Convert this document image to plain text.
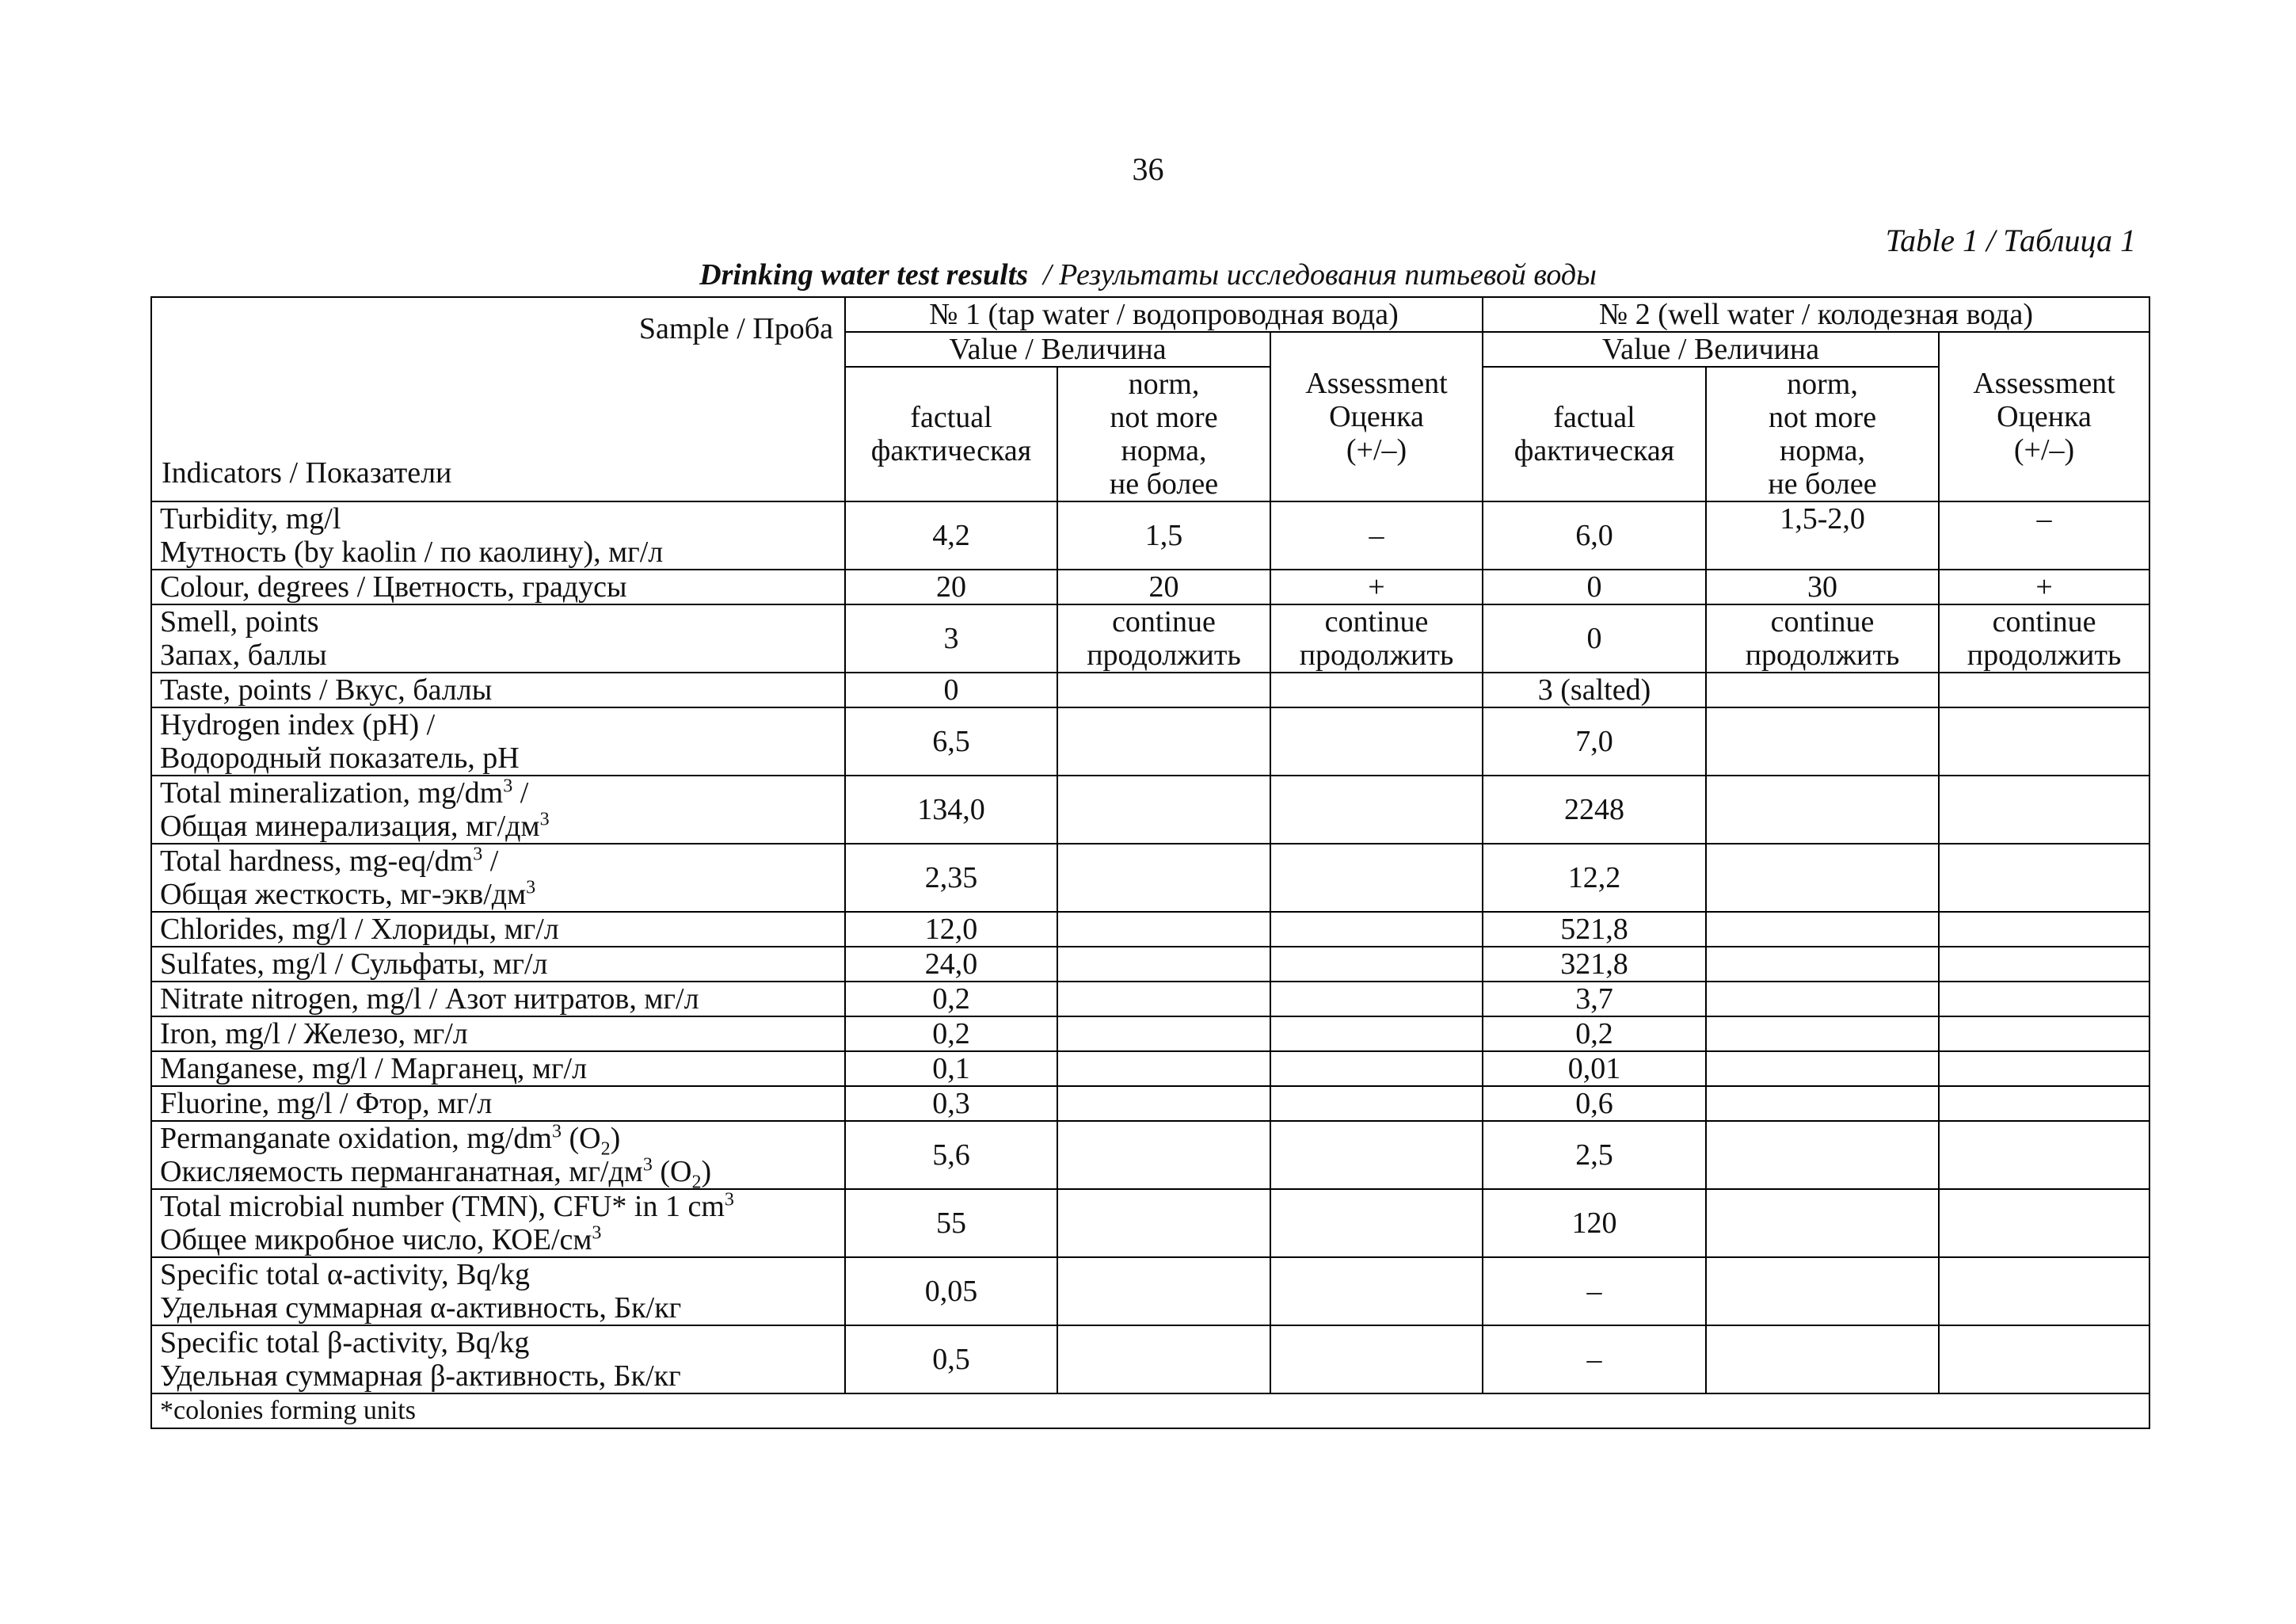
36
Table 1 / Таблица 1
Drinking water test results  / Результаты исследования питьевой воды
Sample / Проба
Indicators / Показатели	№ 1 (tap water / водопроводная вода)			№ 2 (well water / колодезная вода)		
	Value / Величина		Assessment
Оценка
(+/–)	Value / Величина		Assessment
Оценка
(+/–)

	factual
фактическая	norm,
not more
норма,
не более		factual
фактическая	norm,
not more
норма,
не более	

Turbidity, mg/l
Мутность (by kaolin / по каолину), мг/л	4,2	1,5	–	6,0	1,5-2,0	–
Colour, degrees / Цветность, градусы	20	20	+	0	30	+

Smell, points
Запах, баллы	3	continue
продолжить	continue
продолжить	0	continue
продолжить	continue
продолжить

Taste, points / Вкус, баллы	0			3 (salted)		

Hydrogen index (pH) /
Водородный показатель, pH	6,5			7,0		

Total mineralization, $mg/dm^3$ /
Общая минерализация, $мг/дм^3$	134,0			2248		

Total hardness, $mg-eq/dm^3$ /
Общая жесткость, $мг-экв/дм^3$	2,35			12,2		
Chlorides, mg/l / Хлориды, мг/л	12,0			521,8		
Sulfates, mg/l / Сульфаты, мг/л	24,0			321,8		
Nitrate nitrogen, mg/l / Азот нитратов, мг/л	0,2			3,7		
Iron, mg/l / Железо, мг/л	0,2			0,2		
Manganese, mg/l / Марганец, мг/л	0,1			0,01		
Fluorine, mg/l / Фтор, мг/л	0,3			0,6		

Permanganate oxidation, $mg/dm^3$ $(O_2)$
Окисляемость перманганатная, $мг/дм^3$ $(O_2)$	5,6			2,5		

Total microbial number (TMN), CFU* in 1 $cm^3$
Общее микробное число, КОЕ/$см^3$	55			120		

Specific total α-activity, Bq/kg
Удельная суммарная α-активность, Бк/кг	0,05			–		

Specific total β-activity, Bq/kg
Удельная суммарная β-активность, Бк/кг	0,5			–		
*colonies forming units						
